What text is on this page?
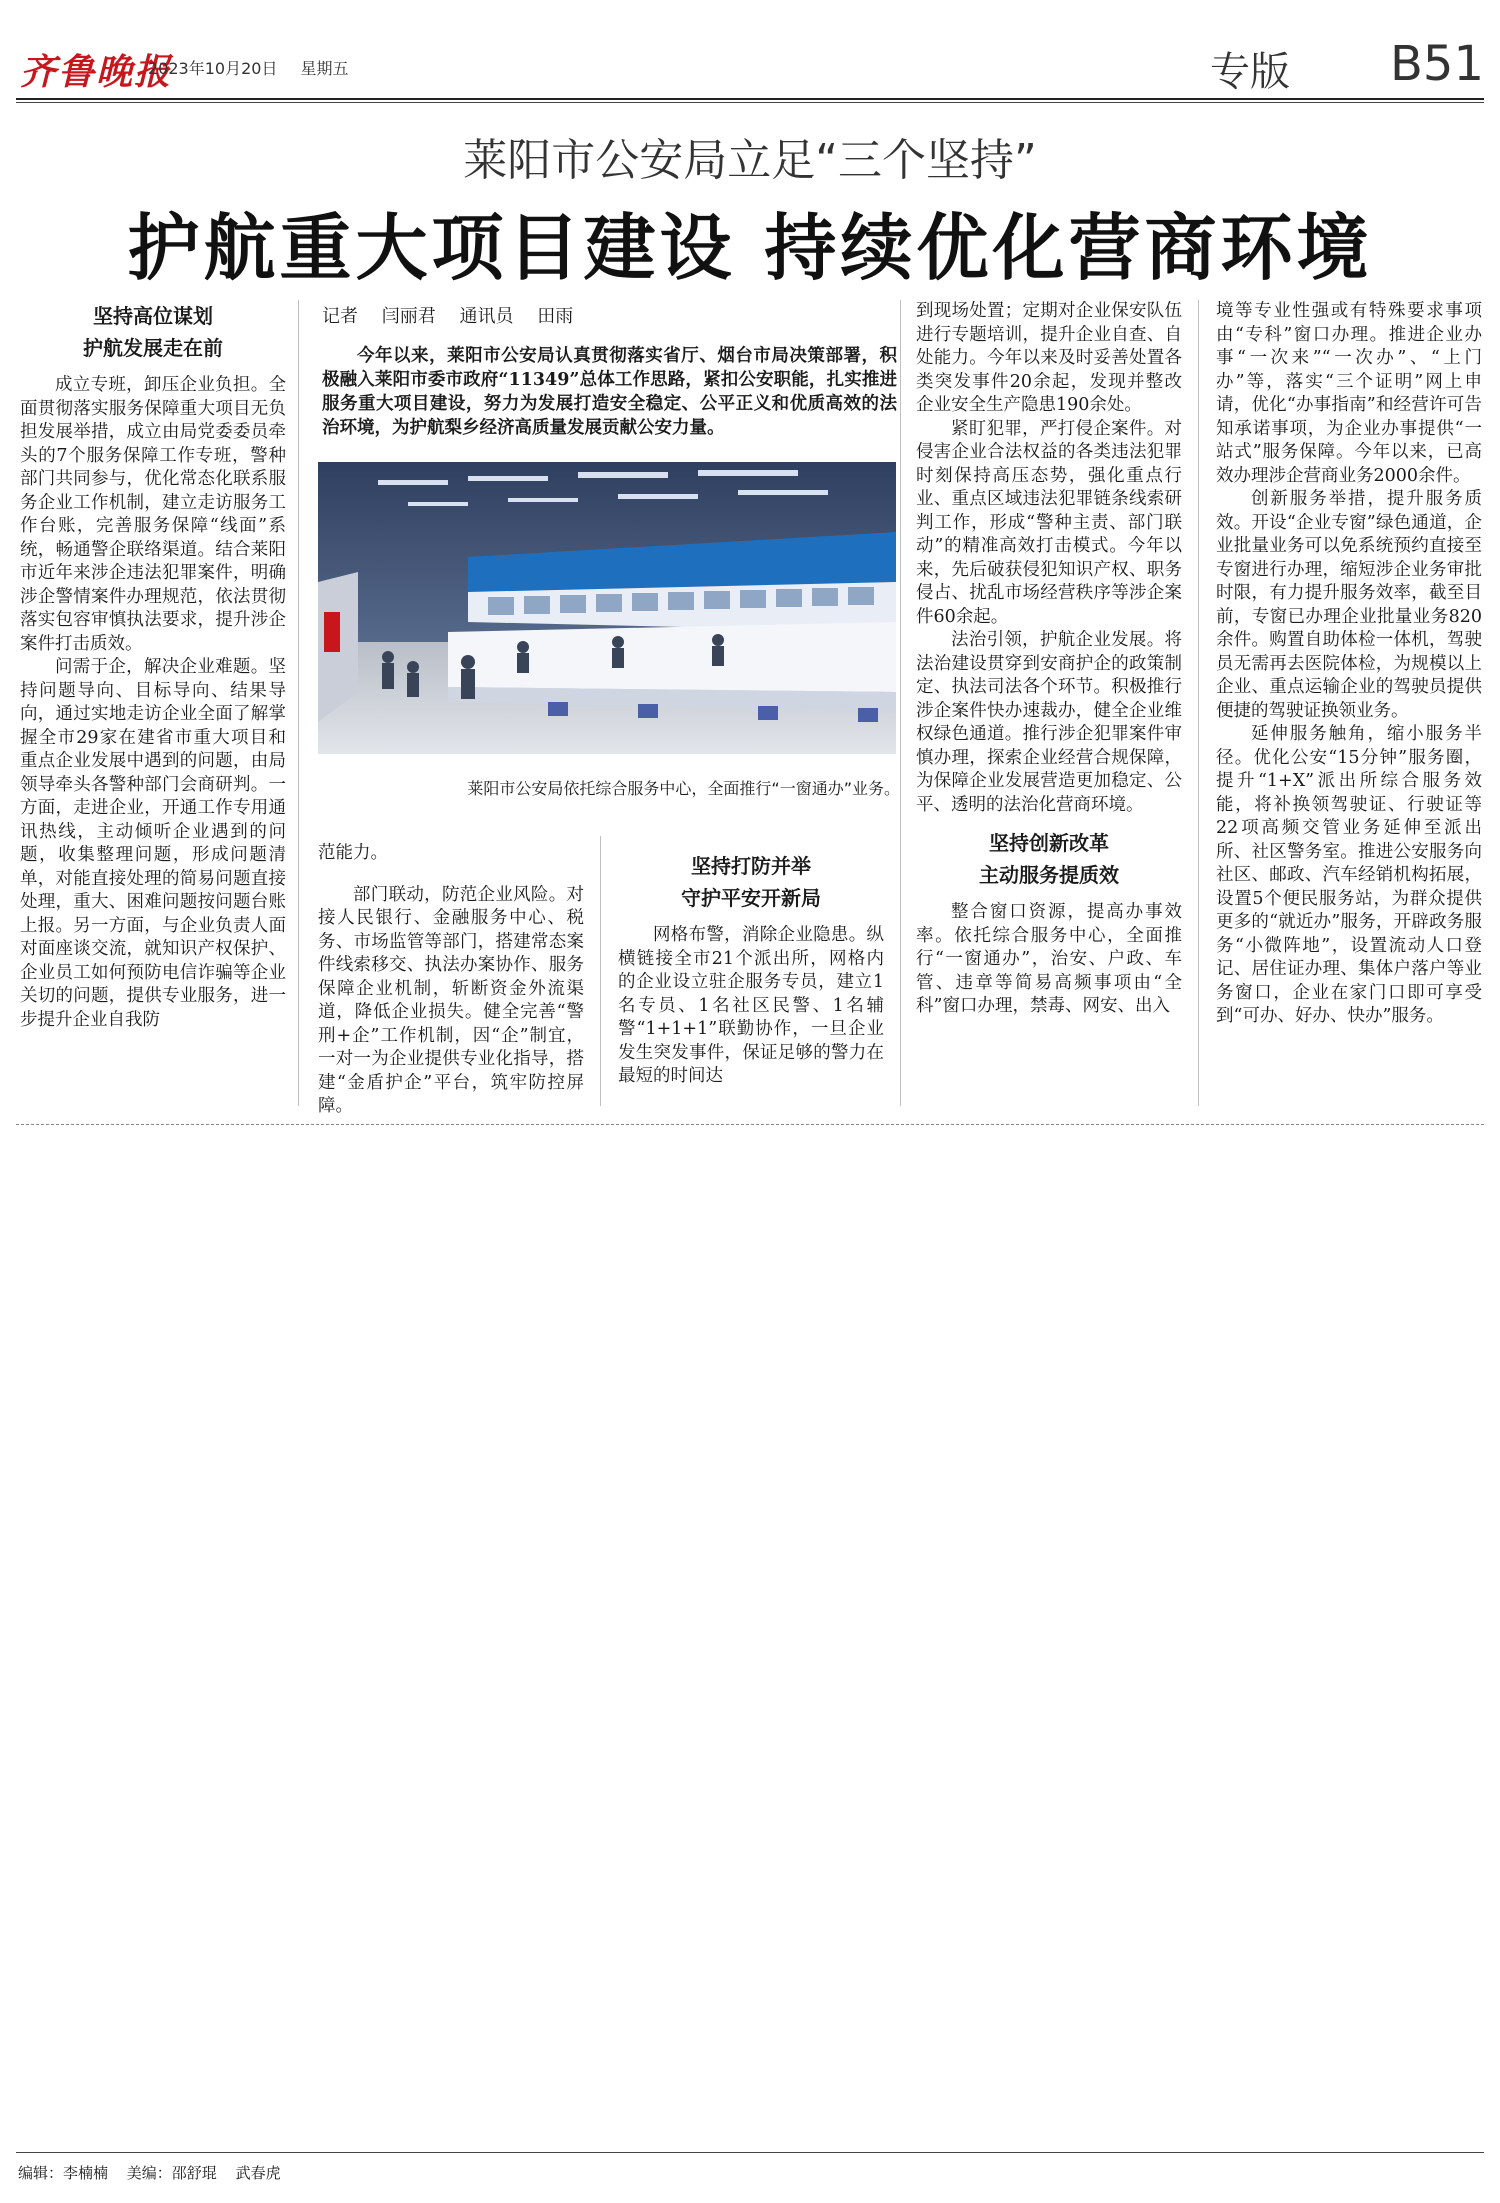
齐鲁晚报
2023年10月20日 星期五	专版 B51
莱阳市公安局立足“三个坚持”
护航重大项目建设 持续优化营商环境
坚持高位谋划
护航发展走在前

成立专班，卸压企业负担。全面贯彻落实服务保障重大项目无负担发展举措，成立由局党委委员牵头的7个服务保障工作专班，警种部门共同参与，优化常态化联系服务企业工作机制，建立走访服务工作台账，完善服务保障“线面”系统，畅通警企联络渠道。结合莱阳市近年来涉企违法犯罪案件，明确涉企警情案件办理规范，依法贯彻落实包容审慎执法要求，提升涉企案件打击质效。

问需于企，解决企业难题。坚持问题导向、目标导向、结果导向，通过实地走访企业全面了解掌握全市29家在建省市重大项目和重点企业发展中遇到的问题，由局领导牵头各警种部门会商研判。一方面，走进企业，开通工作专用通讯热线，主动倾听企业遇到的问题，收集整理问题，形成问题清单，对能直接处理的简易问题直接处理，重大、困难问题按问题台账上报。另一方面，与企业负责人面对面座谈交流，就知识产权保护、企业员工如何预防电信诈骗等企业关切的问题，提供专业服务，进一步提升企业自我防

记者 闫丽君 通讯员 田雨
今年以来，莱阳市公安局认真贯彻落实省厅、烟台市局决策部署，积极融入莱阳市委市政府“11349”总体工作思路，紧扣公安职能，扎实推进服务重大项目建设，努力为发展打造安全稳定、公平正义和优质高效的法治环境，为护航梨乡经济高质量发展贡献公安力量。
莱阳市公安局依托综合服务中心，全面推行“一窗通办”业务。

范能力。

部门联动，防范企业风险。对接人民银行、金融服务中心、税务、市场监管等部门，搭建常态案件线索移交、执法办案协作、服务保障企业机制，斩断资金外流渠道，降低企业损失。健全完善“警刑+企”工作机制，因“企”制宜，一对一为企业提供专业化指导，搭建“金盾护企”平台，筑牢防控屏障。

坚持打防并举
守护平安开新局

网格布警，消除企业隐患。纵横链接全市21个派出所，网格内的企业设立驻企服务专员，建立1名专员、1名社区民警、1名辅警“1+1+1”联勤协作，一旦企业发生突发事件，保证足够的警力在最短的时间达

到现场处置；定期对企业保安队伍进行专题培训，提升企业自查、自处能力。今年以来及时妥善处置各类突发事件20余起，发现并整改企业安全生产隐患190余处。

紧盯犯罪，严打侵企案件。对侵害企业合法权益的各类违法犯罪时刻保持高压态势，强化重点行业、重点区域违法犯罪链条线索研判工作，形成“警种主责、部门联动”的精准高效打击模式。今年以来，先后破获侵犯知识产权、职务侵占、扰乱市场经营秩序等涉企案件60余起。

法治引领，护航企业发展。将法治建设贯穿到安商护企的政策制定、执法司法各个环节。积极推行涉企案件快办速裁办，健全企业维权绿色通道。推行涉企犯罪案件审慎办理，探索企业经营合规保障，为保障企业发展营造更加稳定、公平、透明的法治化营商环境。

坚持创新改革
主动服务提质效

整合窗口资源，提高办事效率。依托综合服务中心，全面推行“一窗通办”，治安、户政、车管、违章等简易高频事项由“全科”窗口办理，禁毒、网安、出入

境等专业性强或有特殊要求事项由“专科”窗口办理。推进企业办事“一次来”“一次办”、“上门办”等，落实“三个证明”网上申请，优化“办事指南”和经营许可告知承诺事项，为企业办事提供“一站式”服务保障。今年以来，已高效办理涉企营商业务2000余件。

创新服务举措，提升服务质效。开设“企业专窗”绿色通道，企业批量业务可以免系统预约直接至专窗进行办理，缩短涉企业务审批时限，有力提升服务效率，截至目前，专窗已办理企业批量业务820余件。购置自助体检一体机，驾驶员无需再去医院体检，为规模以上企业、重点运输企业的驾驶员提供便捷的驾驶证换领业务。

延伸服务触角，缩小服务半径。优化公安“15分钟”服务圈，提升“1+X”派出所综合服务效能，将补换领驾驶证、行驶证等22项高频交管业务延伸至派出所、社区警务室。推进公安服务向社区、邮政、汽车经销机构拓展，设置5个便民服务站，为群众提供更多的“就近办”服务，开辟政务服务“小微阵地”，设置流动人口登记、居住证办理、集体户落户等业务窗口，企业在家门口即可享受到“可办、好办、快办”服务。

编辑：李楠楠 美编：邵舒琨 武春虎
